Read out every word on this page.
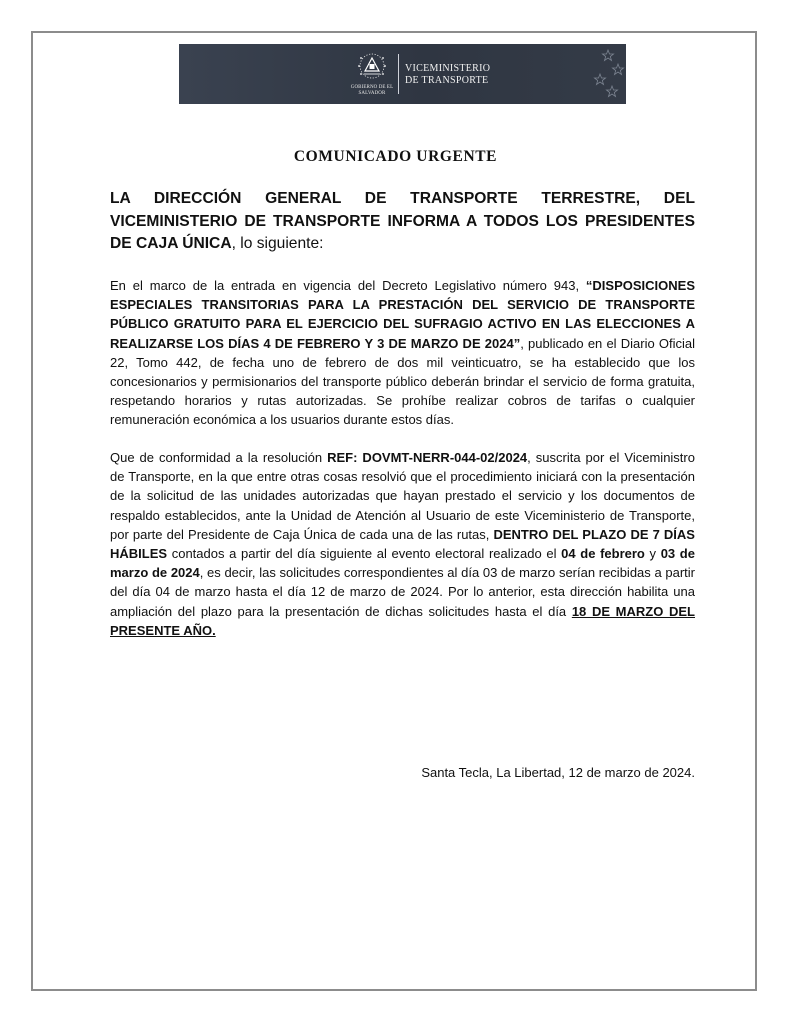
GOBIERNO DE EL SALVADOR
VICEMINISTERIO
DE TRANSPORTE
COMUNICADO URGENTE
LA DIRECCIÓN GENERAL DE TRANSPORTE TERRESTRE, DEL VICEMINISTERIO DE TRANSPORTE INFORMA A TODOS LOS PRESIDENTES DE CAJA ÚNICA, lo siguiente:
En el marco de la entrada en vigencia del Decreto Legislativo número 943, “DISPOSICIONES ESPECIALES TRANSITORIAS PARA LA PRESTACIÓN DEL SERVICIO DE TRANSPORTE PÚBLICO GRATUITO PARA EL EJERCICIO DEL SUFRAGIO ACTIVO EN LAS ELECCIONES A REALIZARSE LOS DÍAS 4 DE FEBRERO Y 3 DE MARZO DE 2024”, publicado en el Diario Oficial 22, Tomo 442, de fecha uno de febrero de dos mil veinticuatro, se ha establecido que los concesionarios y permisionarios del transporte público deberán brindar el servicio de forma gratuita, respetando horarios y rutas autorizadas. Se prohíbe realizar cobros de tarifas o cualquier remuneración económica a los usuarios durante estos días.
Que de conformidad a la resolución REF: DOVMT-NERR-044-02/2024, suscrita por el Viceministro de Transporte, en la que entre otras cosas resolvió que el procedimiento iniciará con la presentación de la solicitud de las unidades autorizadas que hayan prestado el servicio y los documentos de respaldo establecidos, ante la Unidad de Atención al Usuario de este Viceministerio de Transporte, por parte del Presidente de Caja Única de cada una de las rutas, DENTRO DEL PLAZO DE 7 DÍAS HÁBILES contados a partir del día siguiente al evento electoral realizado el 04 de febrero y 03 de marzo de 2024, es decir, las solicitudes correspondientes al día 03 de marzo serían recibidas a partir del día 04 de marzo hasta el día 12 de marzo de 2024. Por lo anterior, esta dirección habilita una ampliación del plazo para la presentación de dichas solicitudes hasta el día 18 DE MARZO DEL PRESENTE AÑO.
Santa Tecla, La Libertad, 12 de marzo de 2024.
